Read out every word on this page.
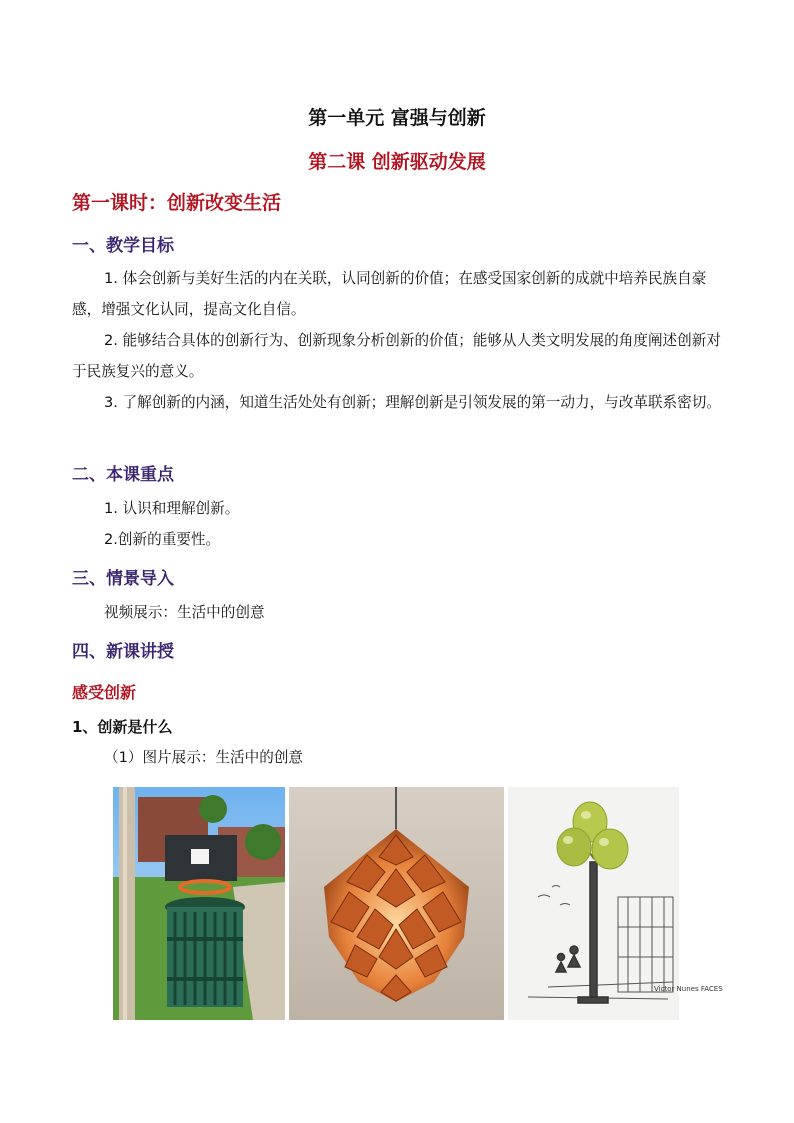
第一单元 富强与创新
第二课 创新驱动发展
第一课时：创新改变生活
一、教学目标
1. 体会创新与美好生活的内在关联，认同创新的价值；在感受国家创新的成就中培养民族自豪感，增强文化认同，提高文化自信。
2. 能够结合具体的创新行为、创新现象分析创新的价值；能够从人类文明发展的角度阐述创新对于民族复兴的意义。
3. 了解创新的内涵，知道生活处处有创新；理解创新是引领发展的第一动力，与改革联系密切。
二、本课重点
1. 认识和理解创新。
2.创新的重要性。
三、情景导入
视频展示：生活中的创意
四、新课讲授
感受创新
1、创新是什么
（1）图片展示：生活中的创意
Victor Nunes FACES
